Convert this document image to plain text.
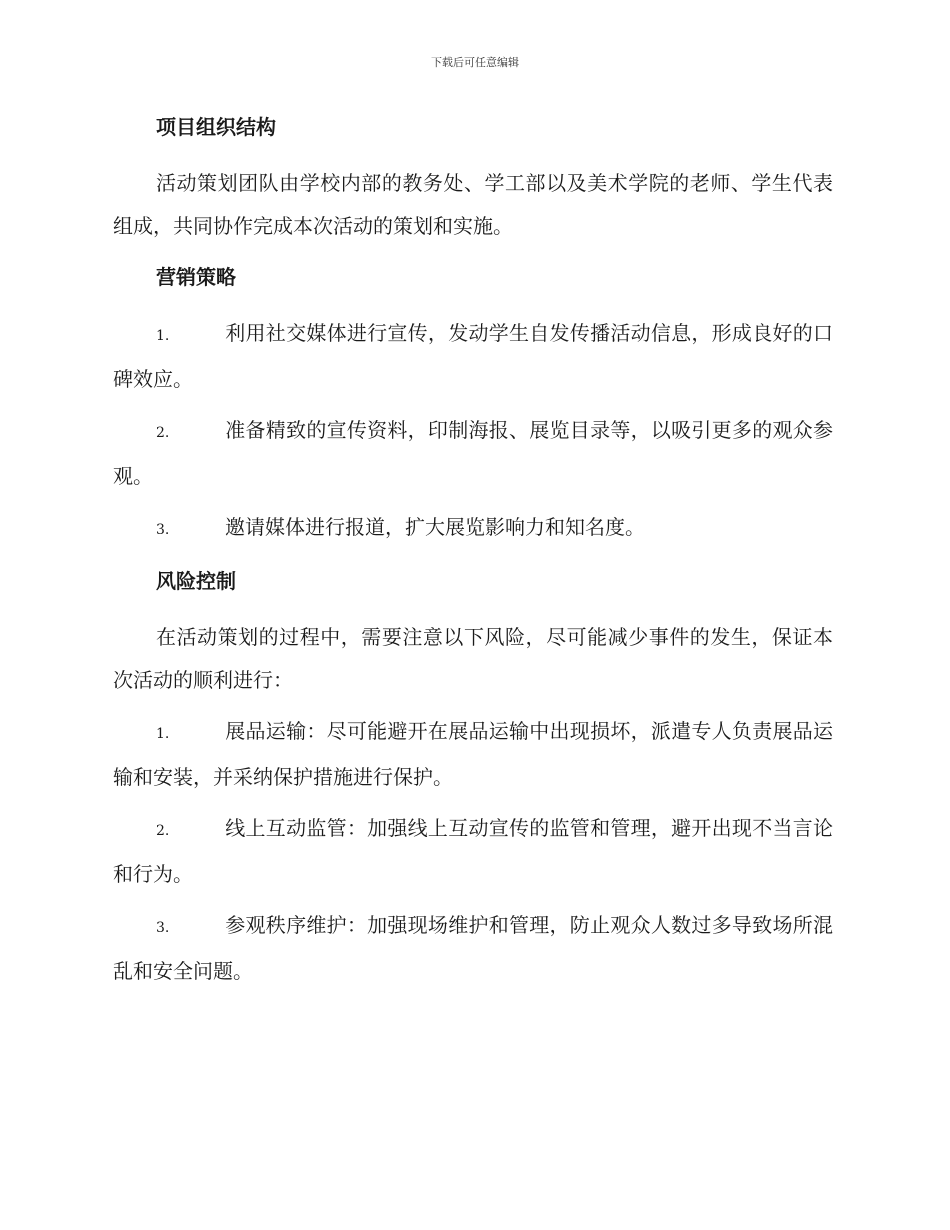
下载后可任意编辑
项目组织结构

活动策划团队由学校内部的教务处、学工部以及美术学院的老师、学生代表组成，共同协作完成本次活动的策划和实施。

营销策略
1.	利用社交媒体进行宣传，发动学生自发传播活动信息，形成良好的口碑效应。
2.	准备精致的宣传资料，印制海报、展览目录等，以吸引更多的观众参观。
3.	邀请媒体进行报道，扩大展览影响力和知名度。
风险控制

在活动策划的过程中，需要注意以下风险，尽可能减少事件的发生，保证本次活动的顺利进行：

1.	展品运输：尽可能避开在展品运输中出现损坏，派遣专人负责展品运输和安装，并采纳保护措施进行保护。
2.	线上互动监管：加强线上互动宣传的监管和管理，避开出现不当言论和行为。
3.	参观秩序维护：加强现场维护和管理，防止观众人数过多导致场所混乱和安全问题。
